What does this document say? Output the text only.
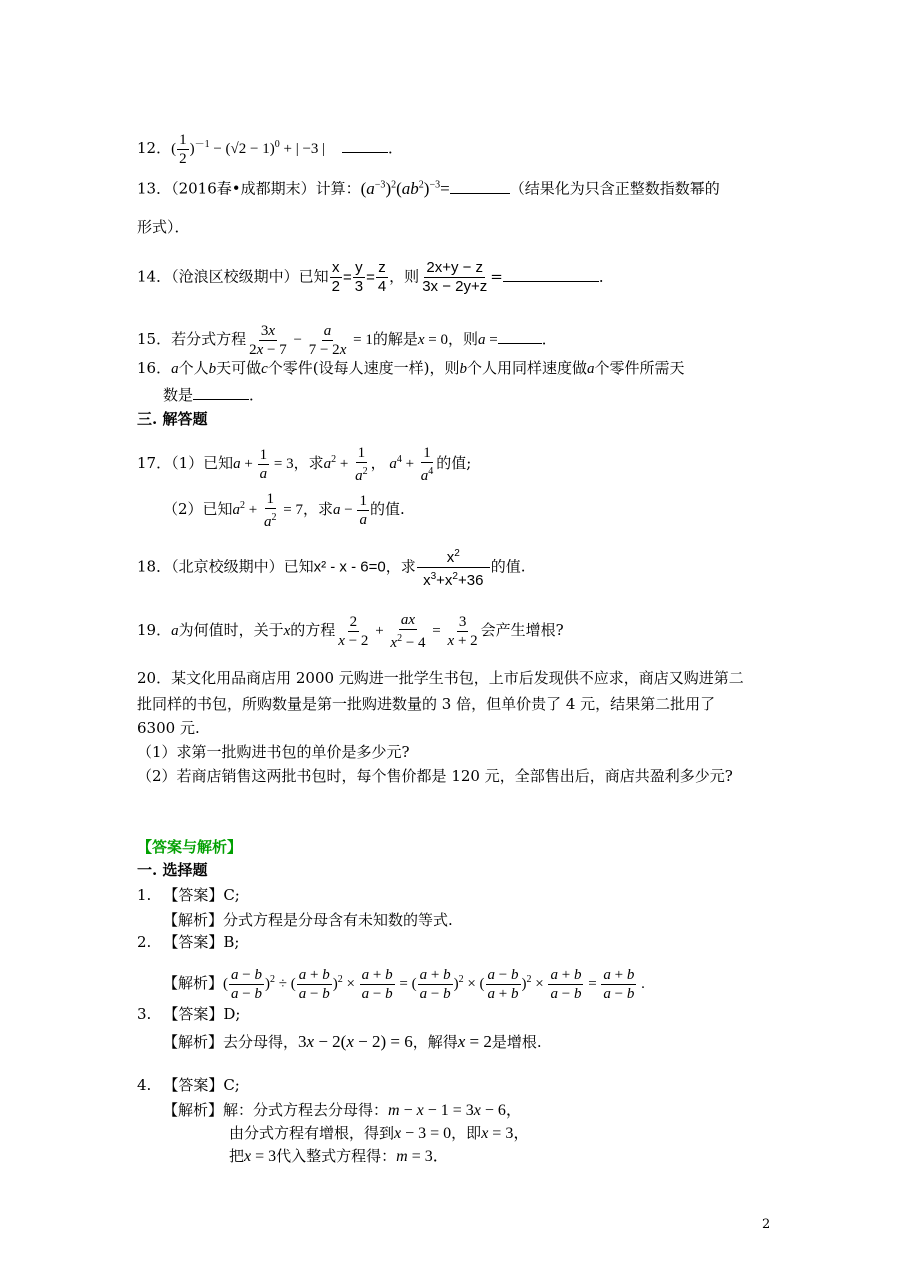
12．( $\frac{1}{2} )^{-1} - (√2 - 1)^0$ + | −3 |	．
13．（2016春•成都期末）计算：$(a^{-3})^2(ab^2)^{-3}=$	（结果化为只含正整数指数幂的
形式）．
14．（沧浪区校级期中）已知 $\frac{x}{2} = \frac{y}{3} = \frac{z}{4}$ ，则 $\frac{2x+y - z}{3x - 2y+z}$ =	．
15．若分式方程 $\frac{3x}{2x - 7} - \frac{a}{7 - 2x} = 1$的解是x = 0，则a =	．
16．a个人b天可做c个零件(设每人速度一样)，则b个人用同样速度做a个零件所需天
数是	．
三. 解答题
17．（1）已知$a + \frac{1}{a} = 3$，求$a^2 + \frac{1}{a^2}$ ， $a^4 + \frac{1}{a^4}$ 的值;
（2）已知$a^2 + \frac{1}{a^2} = 7$，求$a - \frac{1}{a}$ 的值.
18．（北京校级期中）已知x² - x - 6=0，求 $\frac{x^2}{x^3+x^2+36}$ 的值.
19．a为何值时，关于x的方程 $\frac{2}{x - 2} + \frac{ax}{x^2 - 4} = \frac{3}{x + 2}$ 会产生增根?
20．某文化用品商店用 2000 元购进一批学生书包，上市后发现供不应求，商店又购进第二
批同样的书包，所购数量是第一批购进数量的 3 倍，但单价贵了 4 元，结果第二批用了
6300 元.
（1）求第一批购进书包的单价是多少元?
（2）若商店销售这两批书包时，每个售价都是 120 元，全部售出后，商店共盈利多少元?
【答案与解析】
一. 选择题
1. 【答案】C;
【解析】分式方程是分母含有未知数的等式.
2. 【答案】B;
【解析】( $\frac{a - b}{a - b} )^2$ ÷ ( $\frac{a + b}{a - b} )^2 \times \frac{a + b}{a - b}$ = ( $\frac{a + b}{a - b} )^2$ × ( $\frac{a - b}{a + b} )^2 \times \frac{a + b}{a - b} = \frac{a + b}{a - b}$ .
3. 【答案】D;
【解析】去分母得，3x − 2(x − 2) = 6，解得x = 2是增根.
4. 【答案】C;
【解析】解：分式方程去分母得：m − x − 1 = 3x − 6，
由分式方程有增根，得到x − 3 = 0，即x = 3，
把x = 3代入整式方程得：m = 3．
2
